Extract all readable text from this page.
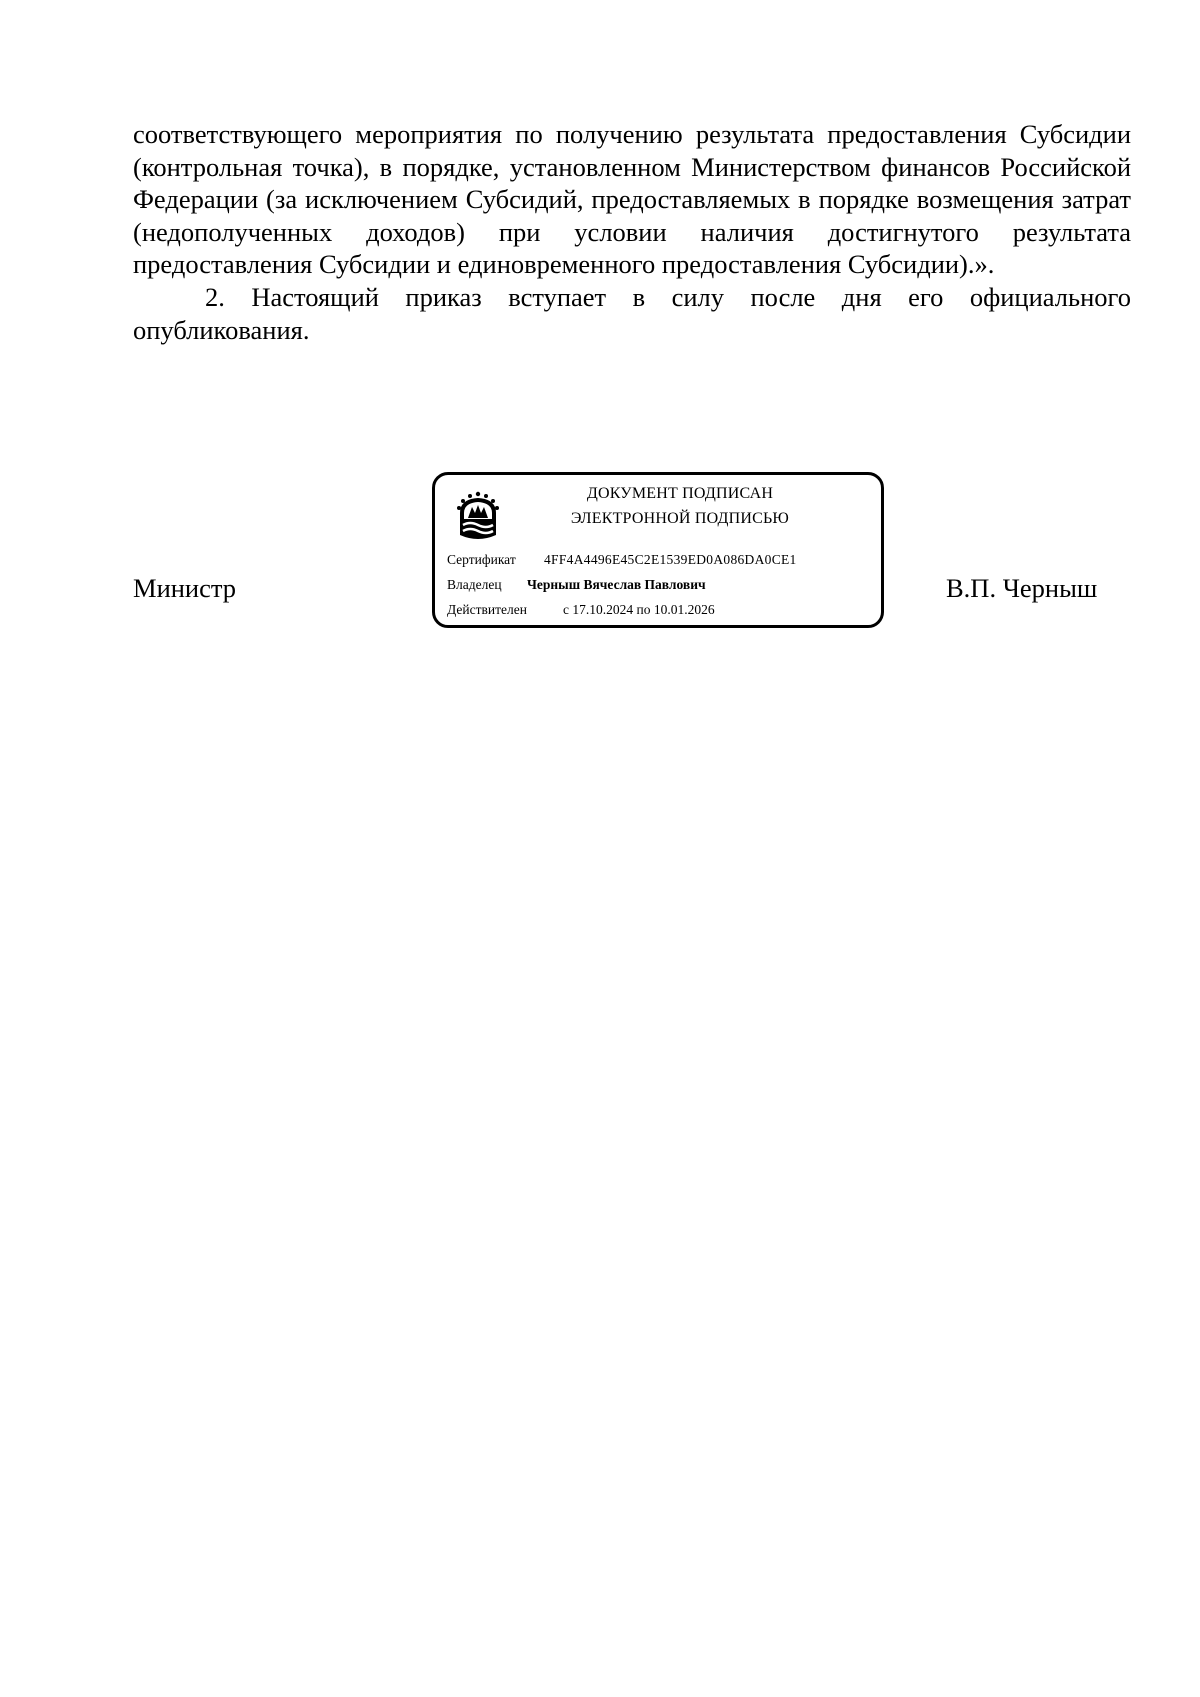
соответствующего мероприятия по получению результата предоставления Субсидии (контрольная точка), в порядке, установленном Министерством финансов Российской Федерации (за исключением Субсидий, предоставляемых в порядке возмещения затрат (недополученных доходов) при условии наличия достигнутого результата предоставления Субсидии и единовременного предоставления Субсидии).».

2. Настоящий приказ вступает в силу после дня его официального опубликования.

Министр
ДОКУМЕНТ ПОДПИСАН
ЭЛЕКТРОННОЙ ПОДПИСЬЮ
Сертификат 4FF4A4496E45C2E1539ED0A086DA0CE1
Владелец Черныш Вячеслав Павлович
Действителен	с 17.10.2024 по 10.01.2026
В.П. Черныш
